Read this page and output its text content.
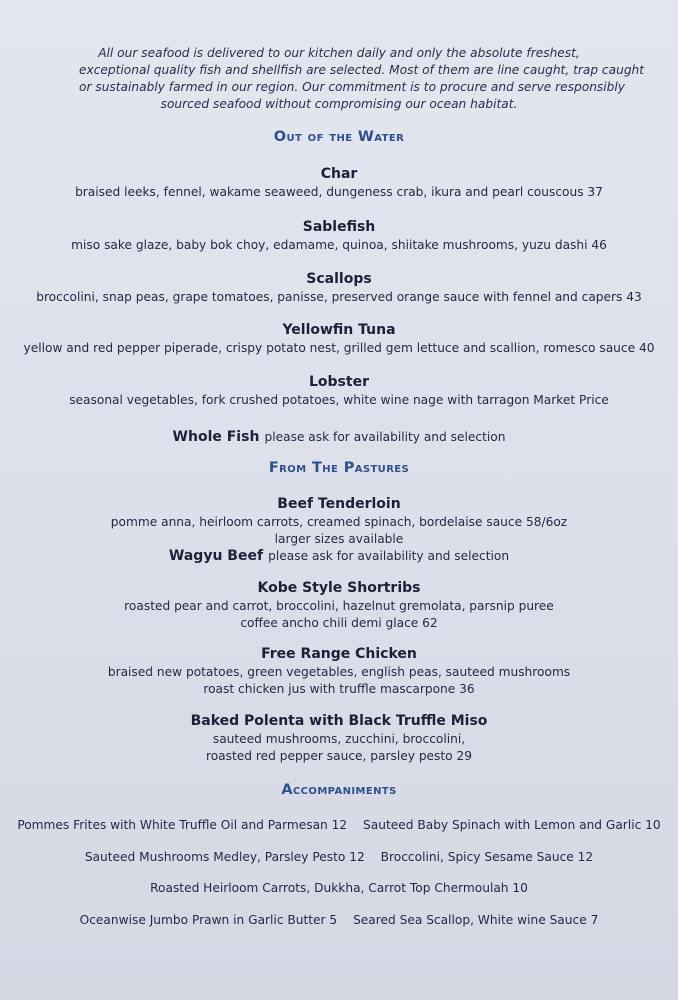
All our seafood is delivered to our kitchen daily and only the absolute freshest,
exceptional quality fish and shellfish are selected. Most of them are line caught, trap caught
or sustainably farmed in our region. Our commitment is to procure and serve responsibly
sourced seafood without compromising our ocean habitat.
Out of the Water
Char
braised leeks, fennel, wakame seaweed, dungeness crab, ikura and pearl couscous 37
Sablefish
miso sake glaze, baby bok choy, edamame, quinoa, shiitake mushrooms, yuzu dashi 46
Scallops
broccolini, snap peas, grape tomatoes, panisse, preserved orange sauce with fennel and capers 43
Yellowfin Tuna
yellow and red pepper piperade, crispy potato nest, grilled gem lettuce and scallion, romesco sauce 40
Lobster
seasonal vegetables, fork crushed potatoes, white wine nage with tarragon Market Price
Whole Fish please ask for availability and selection
From The Pastures
Beef Tenderloin
pomme anna, heirloom carrots, creamed spinach, bordelaise sauce 58/6oz
larger sizes available
Wagyu Beef please ask for availability and selection
Kobe Style Shortribs
roasted pear and carrot, broccolini, hazelnut gremolata, parsnip puree
coffee ancho chili demi glace 62
Free Range Chicken
braised new potatoes, green vegetables, english peas, sauteed mushrooms
roast chicken jus with truffle mascarpone 36
Baked Polenta with Black Truffle Miso
sauteed mushrooms, zucchini, broccolini,
roasted red pepper sauce, parsley pesto 29
Accompaniments
Pommes Frites with White Truffle Oil and Parmesan 12 Sauteed Baby Spinach with Lemon and Garlic 10
Sauteed Mushrooms Medley, Parsley Pesto 12 Broccolini, Spicy Sesame Sauce 12
Roasted Heirloom Carrots, Dukkha, Carrot Top Chermoulah 10
Oceanwise Jumbo Prawn in Garlic Butter 5 Seared Sea Scallop, White wine Sauce 7
